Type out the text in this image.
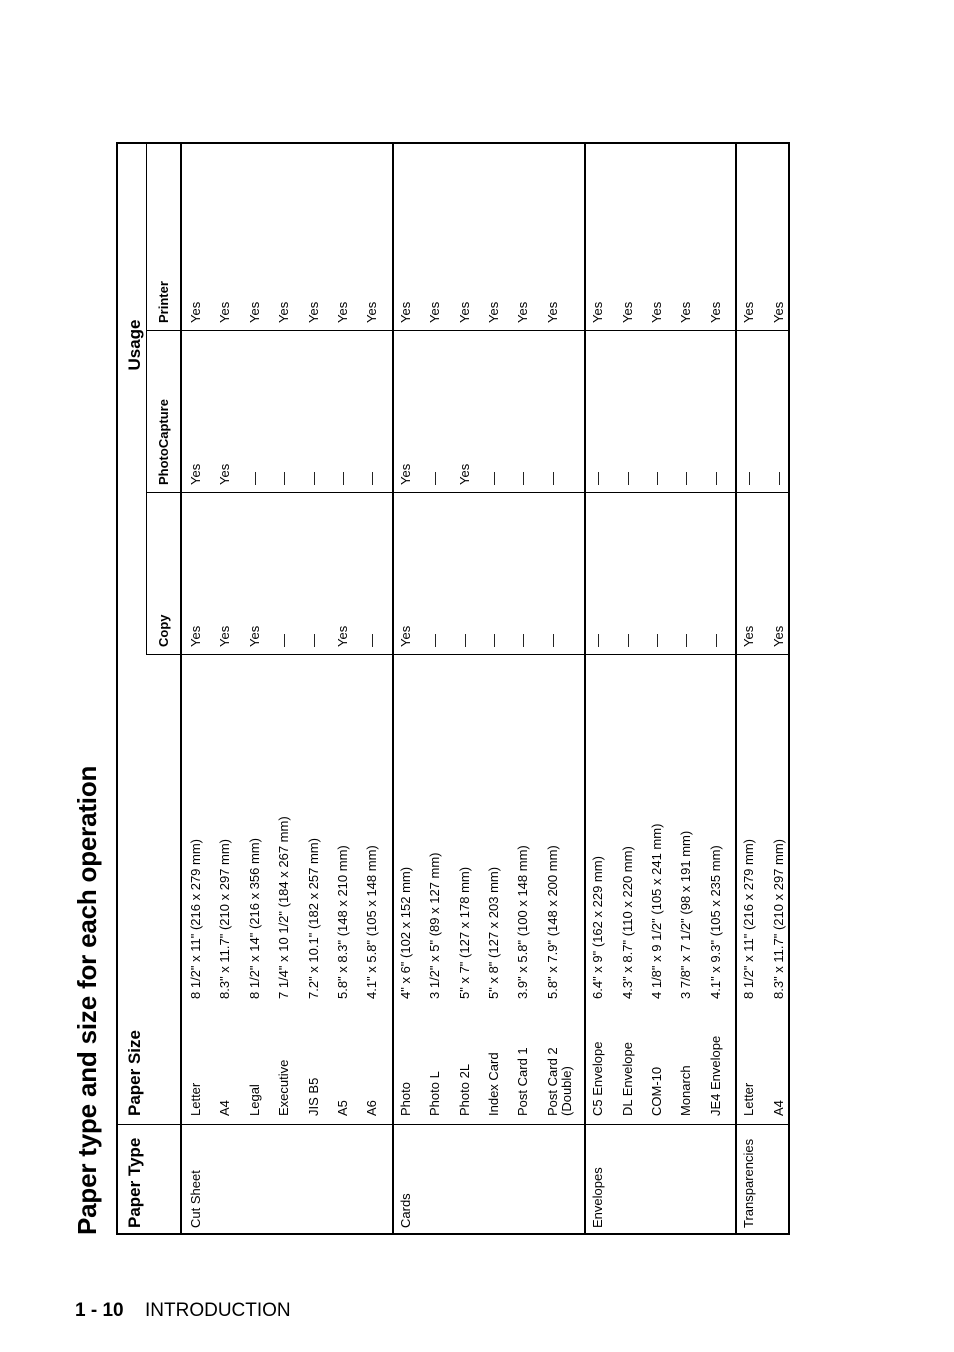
Paper type and size for each operation Paper Type
Paper Size
Usage
Copy
PhotoCapture
Printer
Cut Sheet
Letter
8 1/2" x 11" (216 x 279 mm)
Yes
Yes
Yes
A4
8.3" x 11.7" (210 x 297 mm)
Yes
Yes
Yes
Legal
8 1/2" x 14" (216 x 356 mm)
Yes
—
Yes
Executive
7 1/4" x 10 1/2" (184 x 267 mm)
—
—
Yes
JIS B5
7.2" x 10.1" (182 x 257 mm)
—
—
Yes
A5
5.8" x 8.3" (148 x 210 mm)
Yes
—
Yes
A6
4.1" x 5.8" (105 x 148 mm)
—
—
Yes
Cards
Photo
4" x 6" (102 x 152 mm)
Yes
Yes
Yes
Photo L
3 1/2" x 5" (89 x 127 mm)
—
—
Yes
Photo 2L
5" x 7" (127 x 178 mm)
—
Yes
Yes
Index Card
5" x 8" (127 x 203 mm)
—
—
Yes
Post Card 1
3.9" x 5.8" (100 x 148 mm)
—
—
Yes
Post Card 2 (Double)
5.8" x 7.9" (148 x 200 mm)
—
—
Yes
Envelopes
C5 Envelope
6.4" x 9" (162 x 229 mm)
—
—
Yes
DL Envelope
4.3" x 8.7" (110 x 220 mm)
—
—
Yes
COM-10
4 1/8" x 9 1/2" (105 x 241 mm)
—
—
Yes
Monarch
3 7/8" x 7 1/2" (98 x 191 mm)
—
—
Yes
JE4 Envelope
4.1" x 9.3" (105 x 235 mm)
—
—
Yes
Transparencies
Letter
8 1/2" x 11" (216 x 279 mm)
Yes
—
Yes
A4
8.3" x 11.7" (210 x 297 mm)
Yes
—
Yes
1 - 10 INTRODUCTION
